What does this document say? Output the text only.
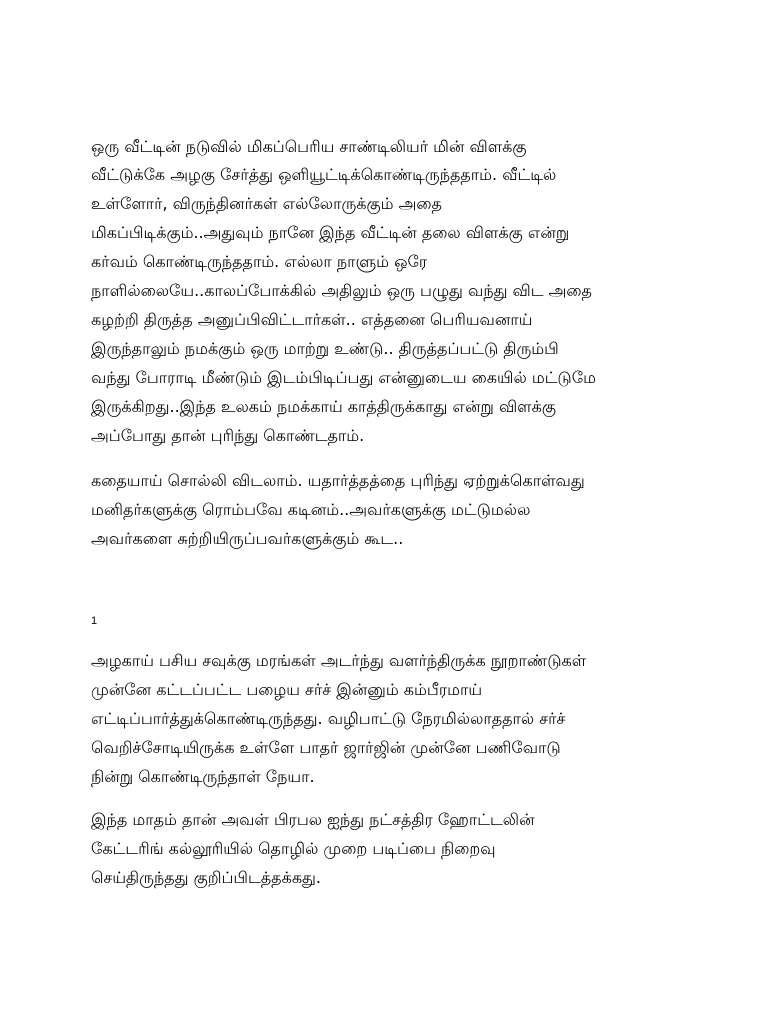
ஒரு வீட்டின் நடுவில் மிகப்பெரிய சாண்டிலியர் மின் விளக்கு
வீட்டுக்கே அழகு சேர்த்து ஒளியூட்டிக்கொண்டிருந்ததாம். வீட்டில்
உள்ளோர், விருந்தினர்கள் எல்லோருக்கும் அதை
மிகப்பிடிக்கும்..அதுவும் நானே இந்த வீட்டின் தலை விளக்கு என்று
கர்வம் கொண்டிருந்ததாம். எல்லா நாளும் ஒரே
நாளில்லையே..காலப்போக்கில் அதிலும் ஒரு பழுது வந்து விட அதை
கழற்றி திருத்த அனுப்பிவிட்டார்கள்.. எத்தனை பெரியவனாய்
இருந்தாலும் நமக்கும் ஒரு மாற்று உண்டு.. திருத்தப்பட்டு திரும்பி
வந்து போராடி மீண்டும் இடம்பிடிப்பது என்னுடைய கையில் மட்டுமே
இருக்கிறது..இந்த உலகம் நமக்காய் காத்திருக்காது என்று விளக்கு
அப்போது தான் புரிந்து கொண்டதாம்.
கதையாய் சொல்லி விடலாம். யதார்த்தத்தை புரிந்து ஏற்றுக்கொள்வது
மனிதர்களுக்கு ரொம்பவே கடினம்..அவர்களுக்கு மட்டுமல்ல
அவர்களை சுற்றியிருப்பவர்களுக்கும் கூட..
1
அழகாய் பசிய சவுக்கு மரங்கள் அடர்ந்து வளர்ந்திருக்க நூறாண்டுகள்
முன்னே கட்டப்பட்ட பழைய சர்ச் இன்னும் கம்பீரமாய்
எட்டிப்பார்த்துக்கொண்டிருந்தது. வழிபாட்டு நேரமில்லாததால் சர்ச்
வெறிச்சோடியிருக்க உள்ளே பாதர் ஜார்ஜின் முன்னே பணிவோடு
நின்று கொண்டிருந்தாள் நேயா.
இந்த மாதம் தான் அவள் பிரபல ஐந்து நட்சத்திர ஹோட்டலின்
கேட்டரிங் கல்லூரியில் தொழில் முறை படிப்பை நிறைவு
செய்திருந்தது குறிப்பிடத்தக்கது.
